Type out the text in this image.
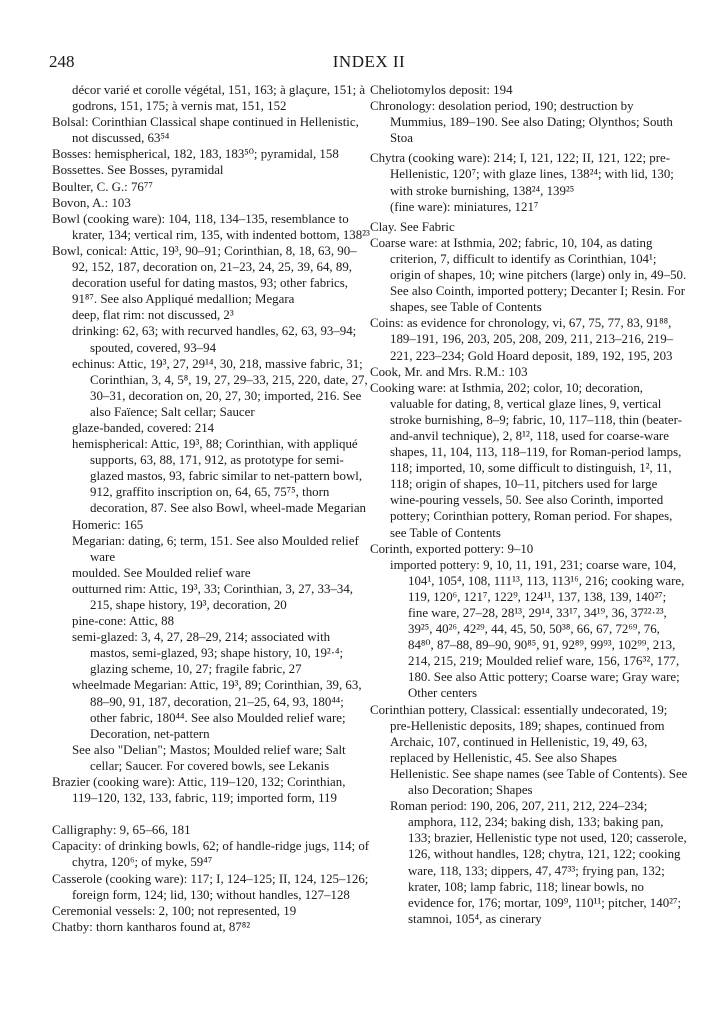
248	INDEX II

décor varié et corolle végétal, 151, 163; à glaçure, 151; à godrons, 151, 175; à vernis mat, 151, 152

Bolsal: Corinthian Classical shape continued in Hellenistic, not discussed, 63⁵⁴

Bosses: hemispherical, 182, 183, 183⁵⁰; pyramidal, 158

Bossettes. See Bosses, pyramidal

Boulter, C. G.: 76⁷⁷

Bovon, A.: 103

Bowl (cooking ware): 104, 118, 134–135, resemblance to krater, 134; vertical rim, 135, with indented bottom, 138²³

Bowl, conical: Attic, 19³, 90–91; Corinthian, 8, 18, 63, 90–92, 152, 187, decoration on, 21–23, 24, 25, 39, 64, 89, decoration useful for dating mastos, 93; other fabrics, 91⁸⁷. See also Appliqué medallion; Megara

deep, flat rim: not discussed, 2³

drinking: 62, 63; with recurved handles, 62, 63, 93–94; spouted, covered, 93–94

echinus: Attic, 19³, 27, 29¹⁴, 30, 218, massive fabric, 31; Corinthian, 3, 4, 5⁸, 19, 27, 29–33, 215, 220, date, 27, 30–31, decoration on, 20, 27, 30; imported, 216. See also Faïence; Salt cellar; Saucer

glaze-banded, covered: 214

hemispherical: Attic, 19³, 88; Corinthian, with appliqué supports, 63, 88, 171, 912, as prototype for semi-glazed mastos, 93, fabric similar to net-pattern bowl, 912, graffito inscription on, 64, 65, 75⁷⁵, thorn decoration, 87. See also Bowl, wheel-made Megarian

Homeric: 165

Megarian: dating, 6; term, 151. See also Moulded relief ware

moulded. See Moulded relief ware

outturned rim: Attic, 19³, 33; Corinthian, 3, 27, 33–34, 215, shape history, 19³, decoration, 20

pine-cone: Attic, 88

semi-glazed: 3, 4, 27, 28–29, 214; associated with mastos, semi-glazed, 93; shape history, 10, 19²·⁴; glazing scheme, 10, 27; fragile fabric, 27

wheelmade Megarian: Attic, 19³, 89; Corinthian, 39, 63, 88–90, 91, 187, decoration, 21–25, 64, 93, 180⁴⁴; other fabric, 180⁴⁴. See also Moulded relief ware; Decoration, net-pattern

See also "Delian"; Mastos; Moulded relief ware; Salt cellar; Saucer. For covered bowls, see Lekanis

Brazier (cooking ware): Attic, 119–120, 132; Corinthian, 119–120, 132, 133, fabric, 119; imported form, 119

Calligraphy: 9, 65–66, 181

Capacity: of drinking bowls, 62; of handle-ridge jugs, 114; of chytra, 120⁶; of myke, 59⁴⁷

Casserole (cooking ware): 117; I, 124–125; II, 124, 125–126; foreign form, 124; lid, 130; without handles, 127–128

Ceremonial vessels: 2, 100; not represented, 19

Chatby: thorn kantharos found at, 87⁸²

Cheliotomylos deposit: 194

Chronology: desolation period, 190; destruction by Mummius, 189–190. See also Dating; Olynthos; South Stoa

Chytra (cooking ware): 214; I, 121, 122; II, 121, 122; pre-Hellenistic, 120⁷; with glaze lines, 138²⁴; with lid, 130; with stroke burnishing, 138²⁴, 139²⁵

(fine ware): miniatures, 121⁷

Clay. See Fabric

Coarse ware: at Isthmia, 202; fabric, 10, 104, as dating criterion, 7, difficult to identify as Corinthian, 104¹; origin of shapes, 10; wine pitchers (large) only in, 49–50. See also Cointh, imported pottery; Decanter I; Resin. For shapes, see Table of Contents

Coins: as evidence for chronology, vi, 67, 75, 77, 83, 91⁸⁸, 189–191, 196, 203, 205, 208, 209, 211, 213–216, 219–221, 223–234; Gold Hoard deposit, 189, 192, 195, 203

Cook, Mr. and Mrs. R.M.: 103

Cooking ware: at Isthmia, 202; color, 10; decoration, valuable for dating, 8, vertical glaze lines, 9, vertical stroke burnishing, 8–9; fabric, 10, 117–118, thin (beater-and-anvil technique), 2, 8¹², 118, used for coarse-ware shapes, 11, 104, 113, 118–119, for Roman-period lamps, 118; imported, 10, some difficult to distinguish, 1², 11, 118; origin of shapes, 10–11, pitchers used for large wine-pouring vessels, 50. See also Corinth, imported pottery; Corinthian pottery, Roman period. For shapes, see Table of Contents

Corinth, exported pottery: 9–10

imported pottery: 9, 10, 11, 191, 231; coarse ware, 104, 104¹, 105⁴, 108, 111¹³, 113, 113¹⁶, 216; cooking ware, 119, 120⁶, 121⁷, 122⁹, 124¹¹, 137, 138, 139, 140²⁷; fine ware, 27–28, 28¹³, 29¹⁴, 33¹⁷, 34¹⁹, 36, 37²²·²³, 39²⁵, 40²⁶, 42²⁹, 44, 45, 50, 50³⁸, 66, 67, 72⁶⁹, 76, 84⁸⁰, 87–88, 89–90, 90⁸⁵, 91, 92⁸⁹, 99⁹³, 102⁹⁹, 213, 214, 215, 219; Moulded relief ware, 156, 176³², 177, 180. See also Attic pottery; Coarse ware; Gray ware; Other centers

Corinthian pottery, Classical: essentially undecorated, 19; pre-Hellenistic deposits, 189; shapes, continued from Archaic, 107, continued in Hellenistic, 19, 49, 63, replaced by Hellenistic, 45. See also Shapes

Hellenistic. See shape names (see Table of Contents). See also Decoration; Shapes

Roman period: 190, 206, 207, 211, 212, 224–234; amphora, 112, 234; baking dish, 133; baking pan, 133; brazier, Hellenistic type not used, 120; casserole, 126, without handles, 128; chytra, 121, 122; cooking ware, 118, 133; dippers, 47, 47³³; frying pan, 132; krater, 108; lamp fabric, 118; linear bowls, no evidence for, 176; mortar, 109⁹, 110¹¹; pitcher, 140²⁷; stamnoi, 105⁴, as cinerary
